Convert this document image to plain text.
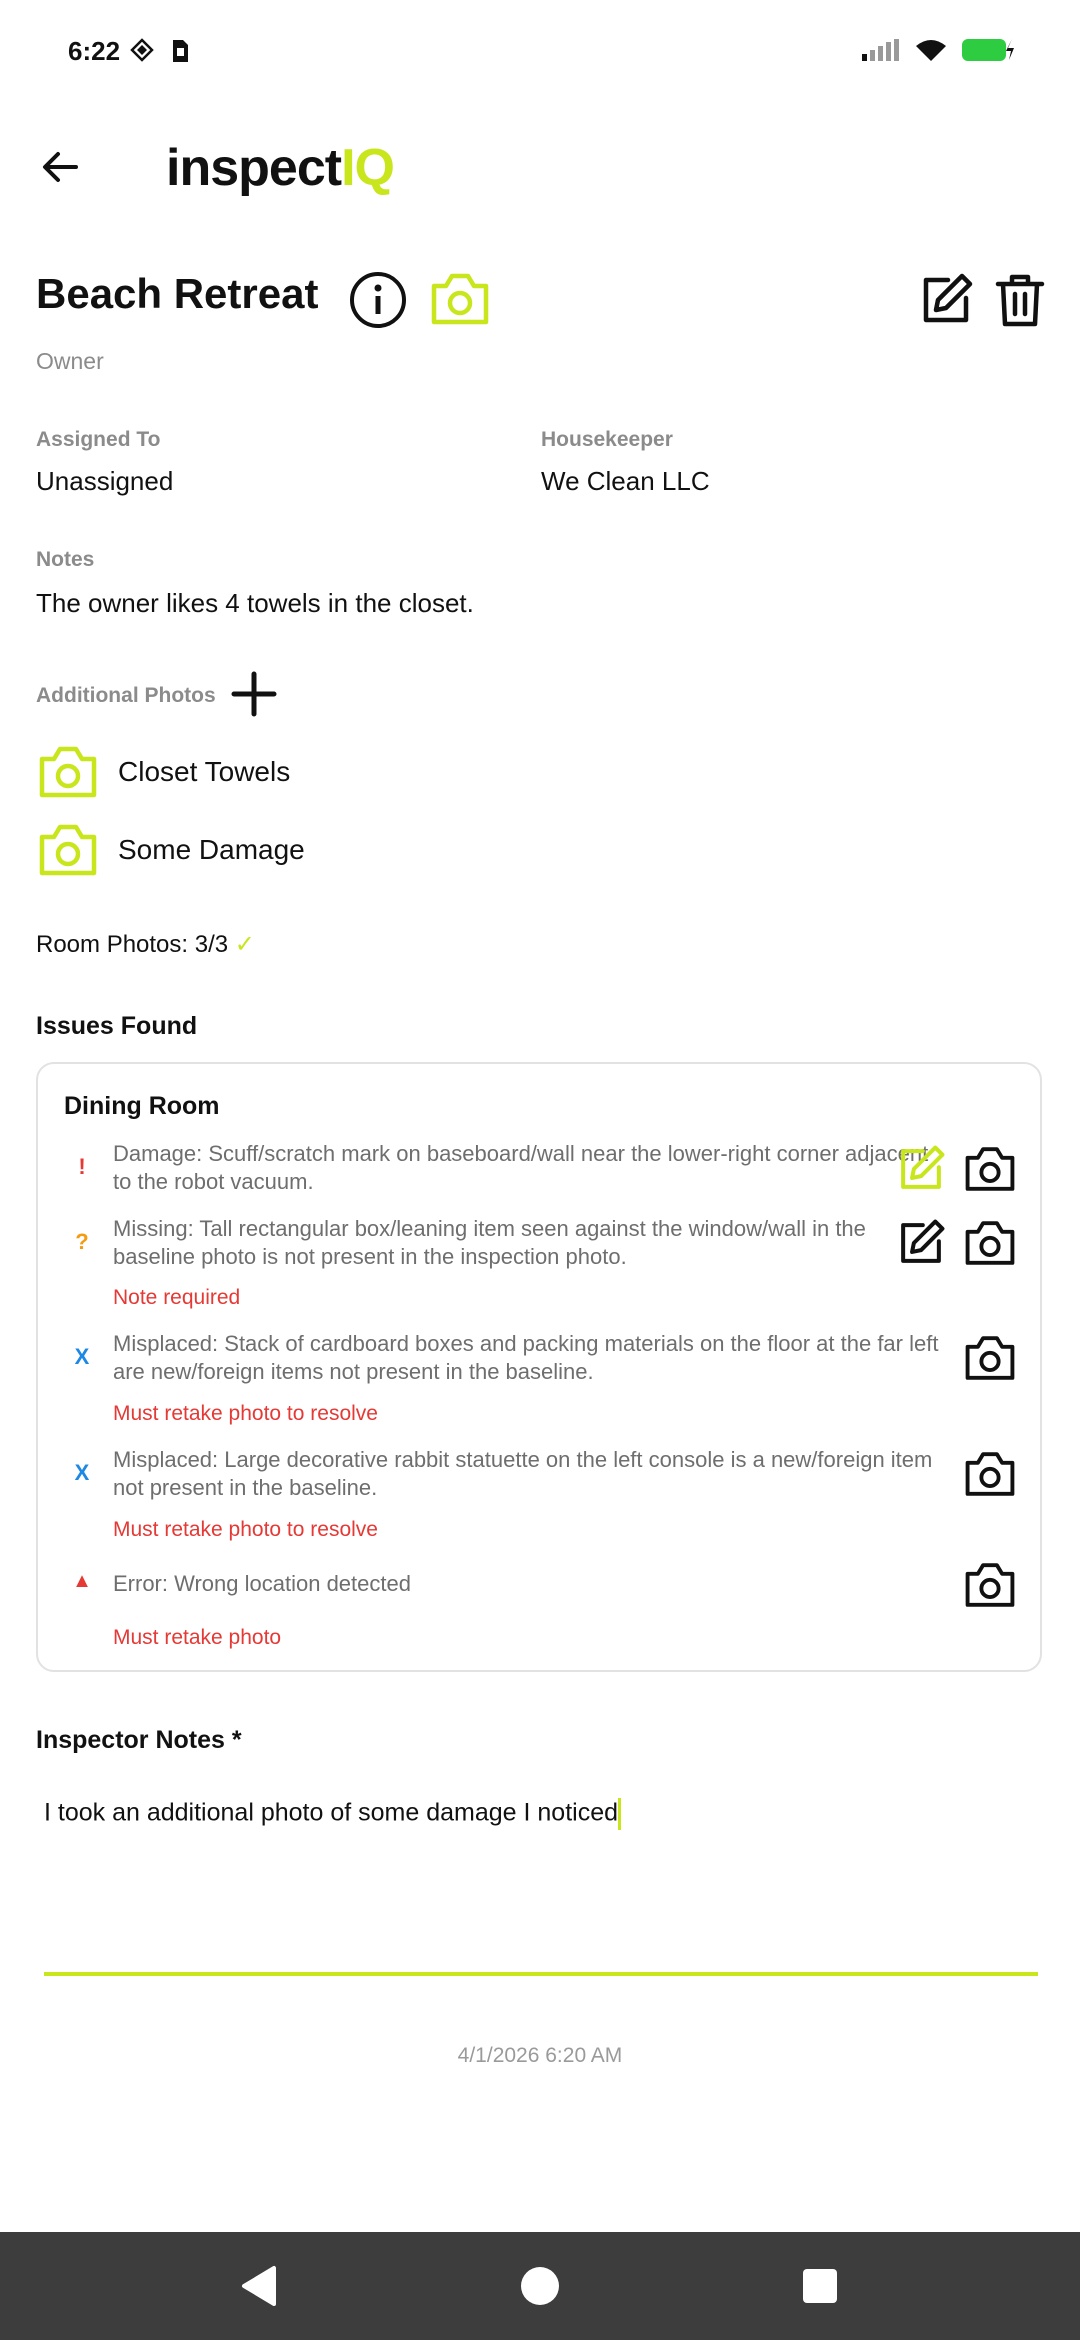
6:22
inspectIQ
Beach Retreat
Owner
Assigned To
Unassigned
Housekeeper
We Clean LLC
Notes
The owner likes 4 towels in the closet.
Additional Photos
Closet Towels
Some Damage
Room Photos: 3/3 ✓
Issues Found
Dining Room
!
Damage: Scuff/scratch mark on baseboard/wall near the lower-right corner adjacent to the robot vacuum.
?
Missing: Tall rectangular box/leaning item seen against the window/wall in the baseline photo is not present in the inspection photo.
Note required
X
Misplaced: Stack of cardboard boxes and packing materials on the floor at the far left are new/foreign items not present in the baseline.
Must retake photo to resolve
X
Misplaced: Large decorative rabbit statuette on the left console is a new/foreign item not present in the baseline.
Must retake photo to resolve
▲ Error: Wrong location detected
Must retake photo
Inspector Notes *
I took an additional photo of some damage I noticed
4/1/2026 6:20 AM
